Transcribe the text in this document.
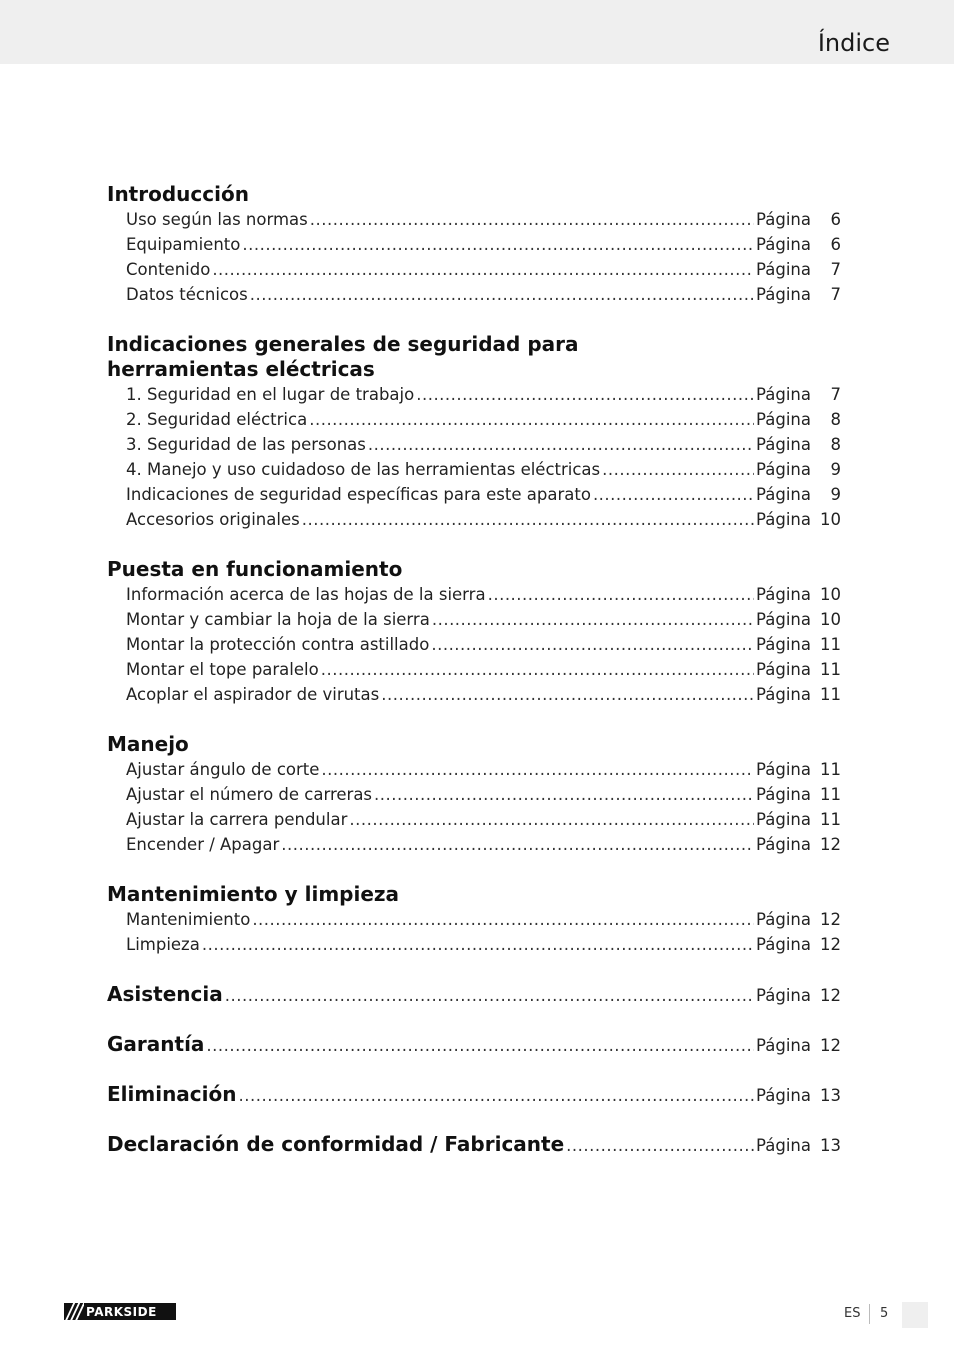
Índice
Introducción
Uso según las normas .....	Página	6
Equipamiento .....	Página	6
Contenido .....	Página	7
Datos técnicos .....	Página	7
Indicaciones generales de seguridad para
herramientas eléctricas
1. Seguridad en el lugar de trabajo .....	Página	7
2. Seguridad eléctrica .....	Página	8
3. Seguridad de las personas .....	Página	8
4. Manejo y uso cuidadoso de las herramientas eléctricas .....	Página	9
Indicaciones de seguridad específicas para este aparato .....	Página	9
Accesorios originales .....	Página 10
Puesta en funcionamiento
Información acerca de las hojas de la sierra .....	Página 10
Montar y cambiar la hoja de la sierra .....	Página 10
Montar la protección contra astillado .....	Página 11
Montar el tope paralelo .....	Página 11
Acoplar el aspirador de virutas .....	Página 11
Manejo
Ajustar ángulo de corte .....	Página 11
Ajustar el número de carreras .....	Página 11
Ajustar la carrera pendular .....	Página 11
Encender / Apagar .....	Página 12
Mantenimiento y limpieza
Mantenimiento .....	Página 12
Limpieza .....	Página 12
Asistencia .....	Página 12
Garantía .....	Página 12
Eliminación .....	Página 13
Declaración de conformidad / Fabricante .....	Página 13
PARKSIDE	ES 5
